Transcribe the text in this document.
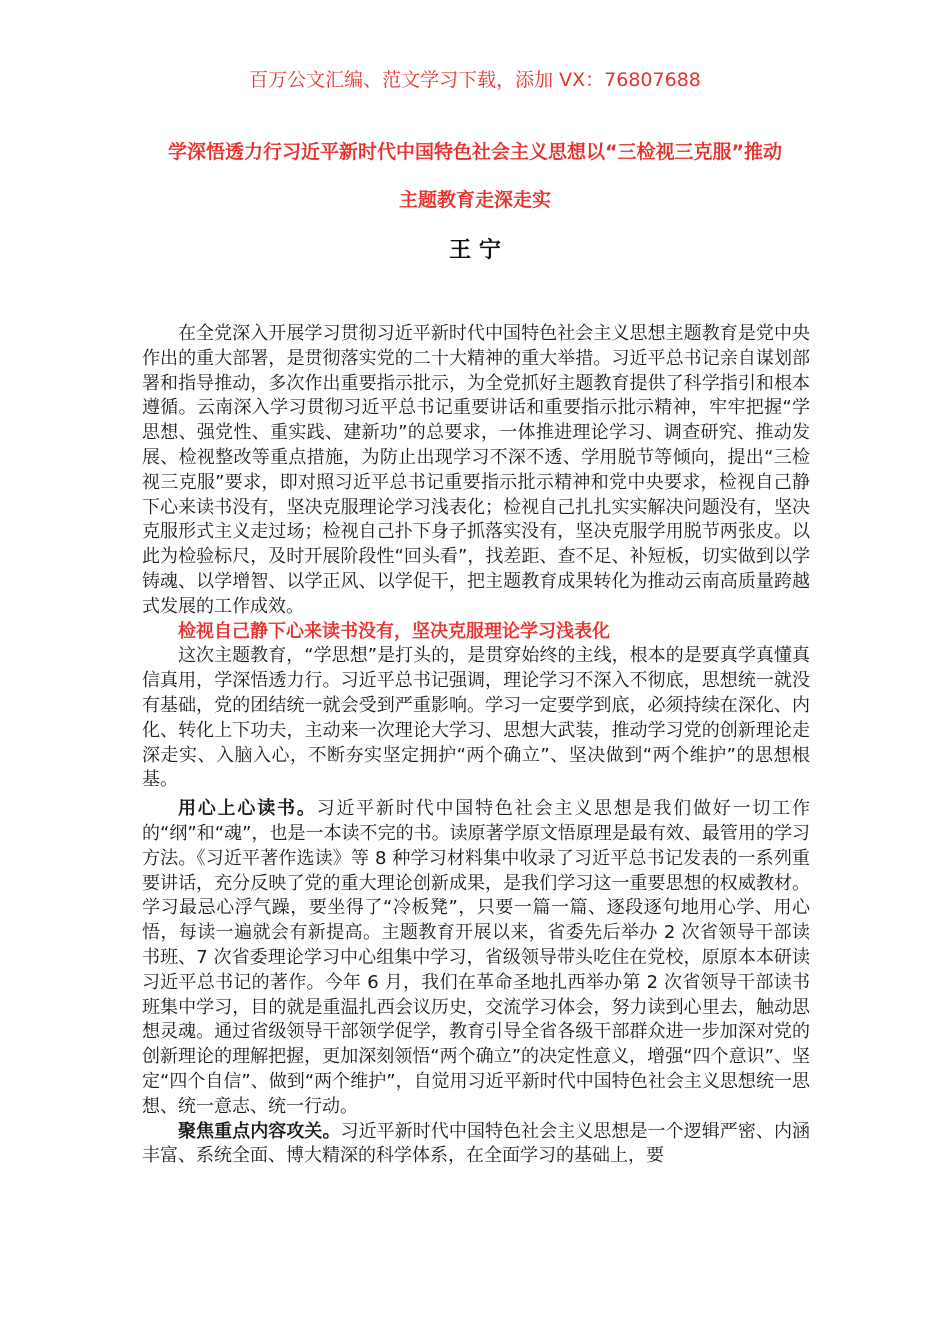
百万公文汇编、范文学习下载，添加 VX：76807688
学深悟透力行习近平新时代中国特色社会主义思想以“三检视三克服”推动
主题教育走深走实
王 宁

在全党深入开展学习贯彻习近平新时代中国特色社会主义思想主题教育是党中央作出的重大部署，是贯彻落实党的二十大精神的重大举措。习近平总书记亲自谋划部署和指导推动，多次作出重要指示批示，为全党抓好主题教育提供了科学指引和根本遵循。云南深入学习贯彻习近平总书记重要讲话和重要指示批示精神，牢牢把握“学思想、强党性、重实践、建新功”的总要求，一体推进理论学习、调查研究、推动发展、检视整改等重点措施，为防止出现学习不深不透、学用脱节等倾向，提出“三检视三克服”要求，即对照习近平总书记重要指示批示精神和党中央要求，检视自己静下心来读书没有，坚决克服理论学习浅表化；检视自己扎扎实实解决问题没有，坚决克服形式主义走过场；检视自己扑下身子抓落实没有，坚决克服学用脱节两张皮。以此为检验标尺，及时开展阶段性“回头看”，找差距、查不足、补短板，切实做到以学铸魂、以学增智、以学正风、以学促干，把主题教育成果转化为推动云南高质量跨越式发展的工作成效。

检视自己静下心来读书没有，坚决克服理论学习浅表化

这次主题教育，“学思想”是打头的，是贯穿始终的主线，根本的是要真学真懂真信真用，学深悟透力行。习近平总书记强调，理论学习不深入不彻底，思想统一就没有基础，党的团结统一就会受到严重影响。学习一定要学到底，必须持续在深化、内化、转化上下功夫，主动来一次理论大学习、思想大武装，推动学习党的创新理论走深走实、入脑入心，不断夯实坚定拥护“两个确立”、坚决做到“两个维护”的思想根基。

用心上心读书。习近平新时代中国特色社会主义思想是我们做好一切工作的“纲”和“魂”，也是一本读不完的书。读原著学原文悟原理是最有效、最管用的学习方法。《习近平著作选读》等 8 种学习材料集中收录了习近平总书记发表的一系列重要讲话，充分反映了党的重大理论创新成果，是我们学习这一重要思想的权威教材。学习最忌心浮气躁，要坐得了“冷板凳”，只要一篇一篇、逐段逐句地用心学、用心悟，每读一遍就会有新提高。主题教育开展以来，省委先后举办 2 次省领导干部读书班、7 次省委理论学习中心组集中学习，省级领导带头吃住在党校，原原本本研读习近平总书记的著作。今年 6 月，我们在革命圣地扎西举办第 2 次省领导干部读书班集中学习，目的就是重温扎西会议历史，交流学习体会，努力读到心里去，触动思想灵魂。通过省级领导干部领学促学，教育引导全省各级干部群众进一步加深对党的创新理论的理解把握，更加深刻领悟“两个确立”的决定性意义，增强“四个意识”、坚定“四个自信”、做到“两个维护”，自觉用习近平新时代中国特色社会主义思想统一思想、统一意志、统一行动。

聚焦重点内容攻关。习近平新时代中国特色社会主义思想是一个逻辑严密、内涵丰富、系统全面、博大精深的科学体系，在全面学习的基础上，要
